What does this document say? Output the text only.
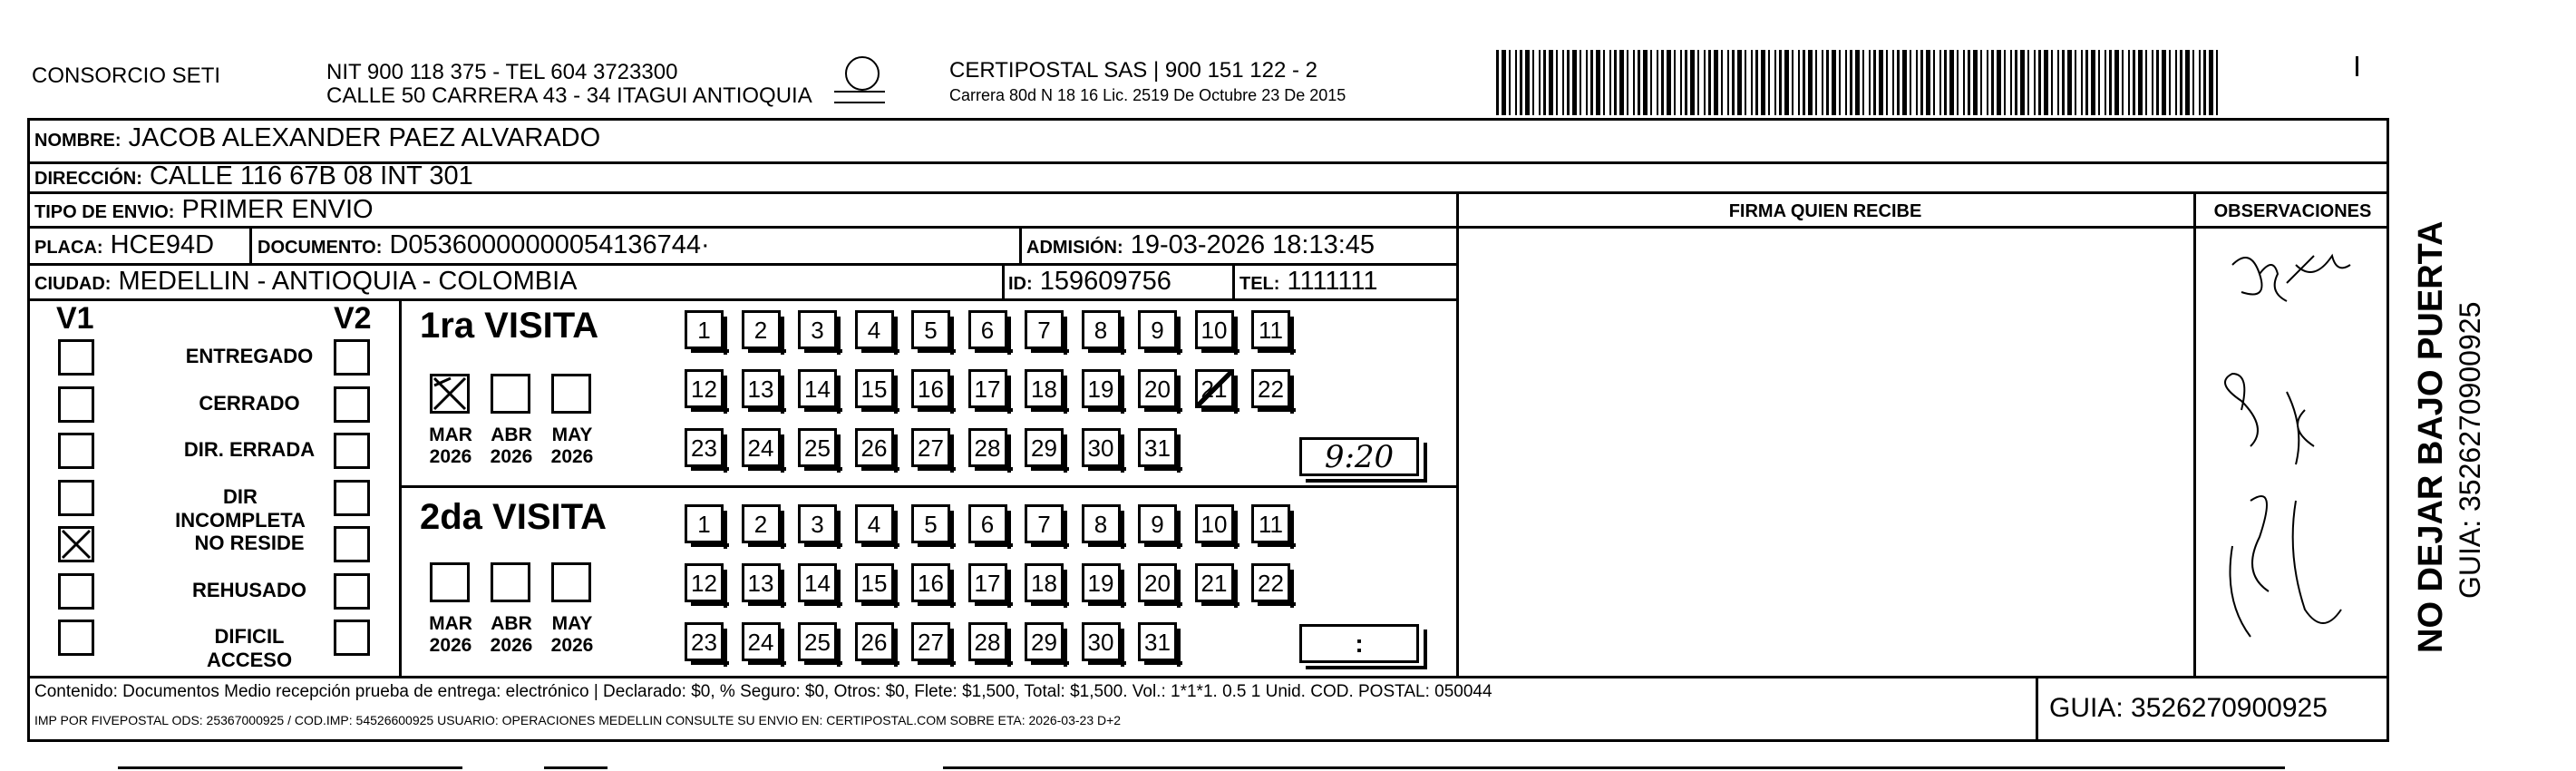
CONSORCIO SETI	NIT 900 118 375 - TEL 604 3723300
CALLE 50 CARRERA 43 - 34 ITAGUI ANTIOQUIA
CERTIPOSTAL SAS | 900 151 122 - 2
Carrera 80d N 18 16 Lic. 2519 De Octubre 23 De 2015
NOMBRE: JACOB ALEXANDER PAEZ ALVARADO
DIRECCIÓN: CALLE 116 67B 08 INT 301
TIPO DE ENVIO: PRIMER ENVIO	FIRMA QUIEN RECIBE	OBSERVACIONES
PLACA: HCE94D DOCUMENTO: D05360000000054136744·	ADMISIÓN: 19-03-2026 18:13:45
CIUDAD: MEDELLIN - ANTIOQUIA - COLOMBIA	ID: 159609756	TEL: 1111111
V1	V2 1ra VISITA
2da VISITA
9:20
:
Contenido: Documentos Medio recepción prueba de entrega: electrónico | Declarado: $0, % Seguro: $0, Otros: $0, Flete: $1,500, Total: $1,500. Vol.: 1*1*1. 0.5 1 Unid. COD. POSTAL: 050044
IMP POR FIVEPOSTAL ODS: 25367000925 / COD.IMP: 54526600925 USUARIO: OPERACIONES MEDELLIN CONSULTE SU ENVIO EN: CERTIPOSTAL.COM SOBRE ETA: 2026-03-23 D+2	GUIA: 3526270900925
NO DEJAR BAJO PUERTA GUIA: 3526270900925
ENTREGADO
CERRADO
DIR. ERRADA
DIR INCOMPLETA
NO RESIDE
REHUSADO
DIFICIL ACCESO
MAR
2026
ABR
2026
MAY
2026
MAR
2026
ABR
2026
MAY
2026
1	2	3	4	5	6	7	8	9	10	11
12 13 14 15 16 17 18 19 20 21 22
23 24 25 26 27 28 29 30 31
1	2	3	4	5	6	7	8	9	10	11
12 13 14 15 16 17 18 19 20 21 22
23 24 25 26 27 28 29 30 31
